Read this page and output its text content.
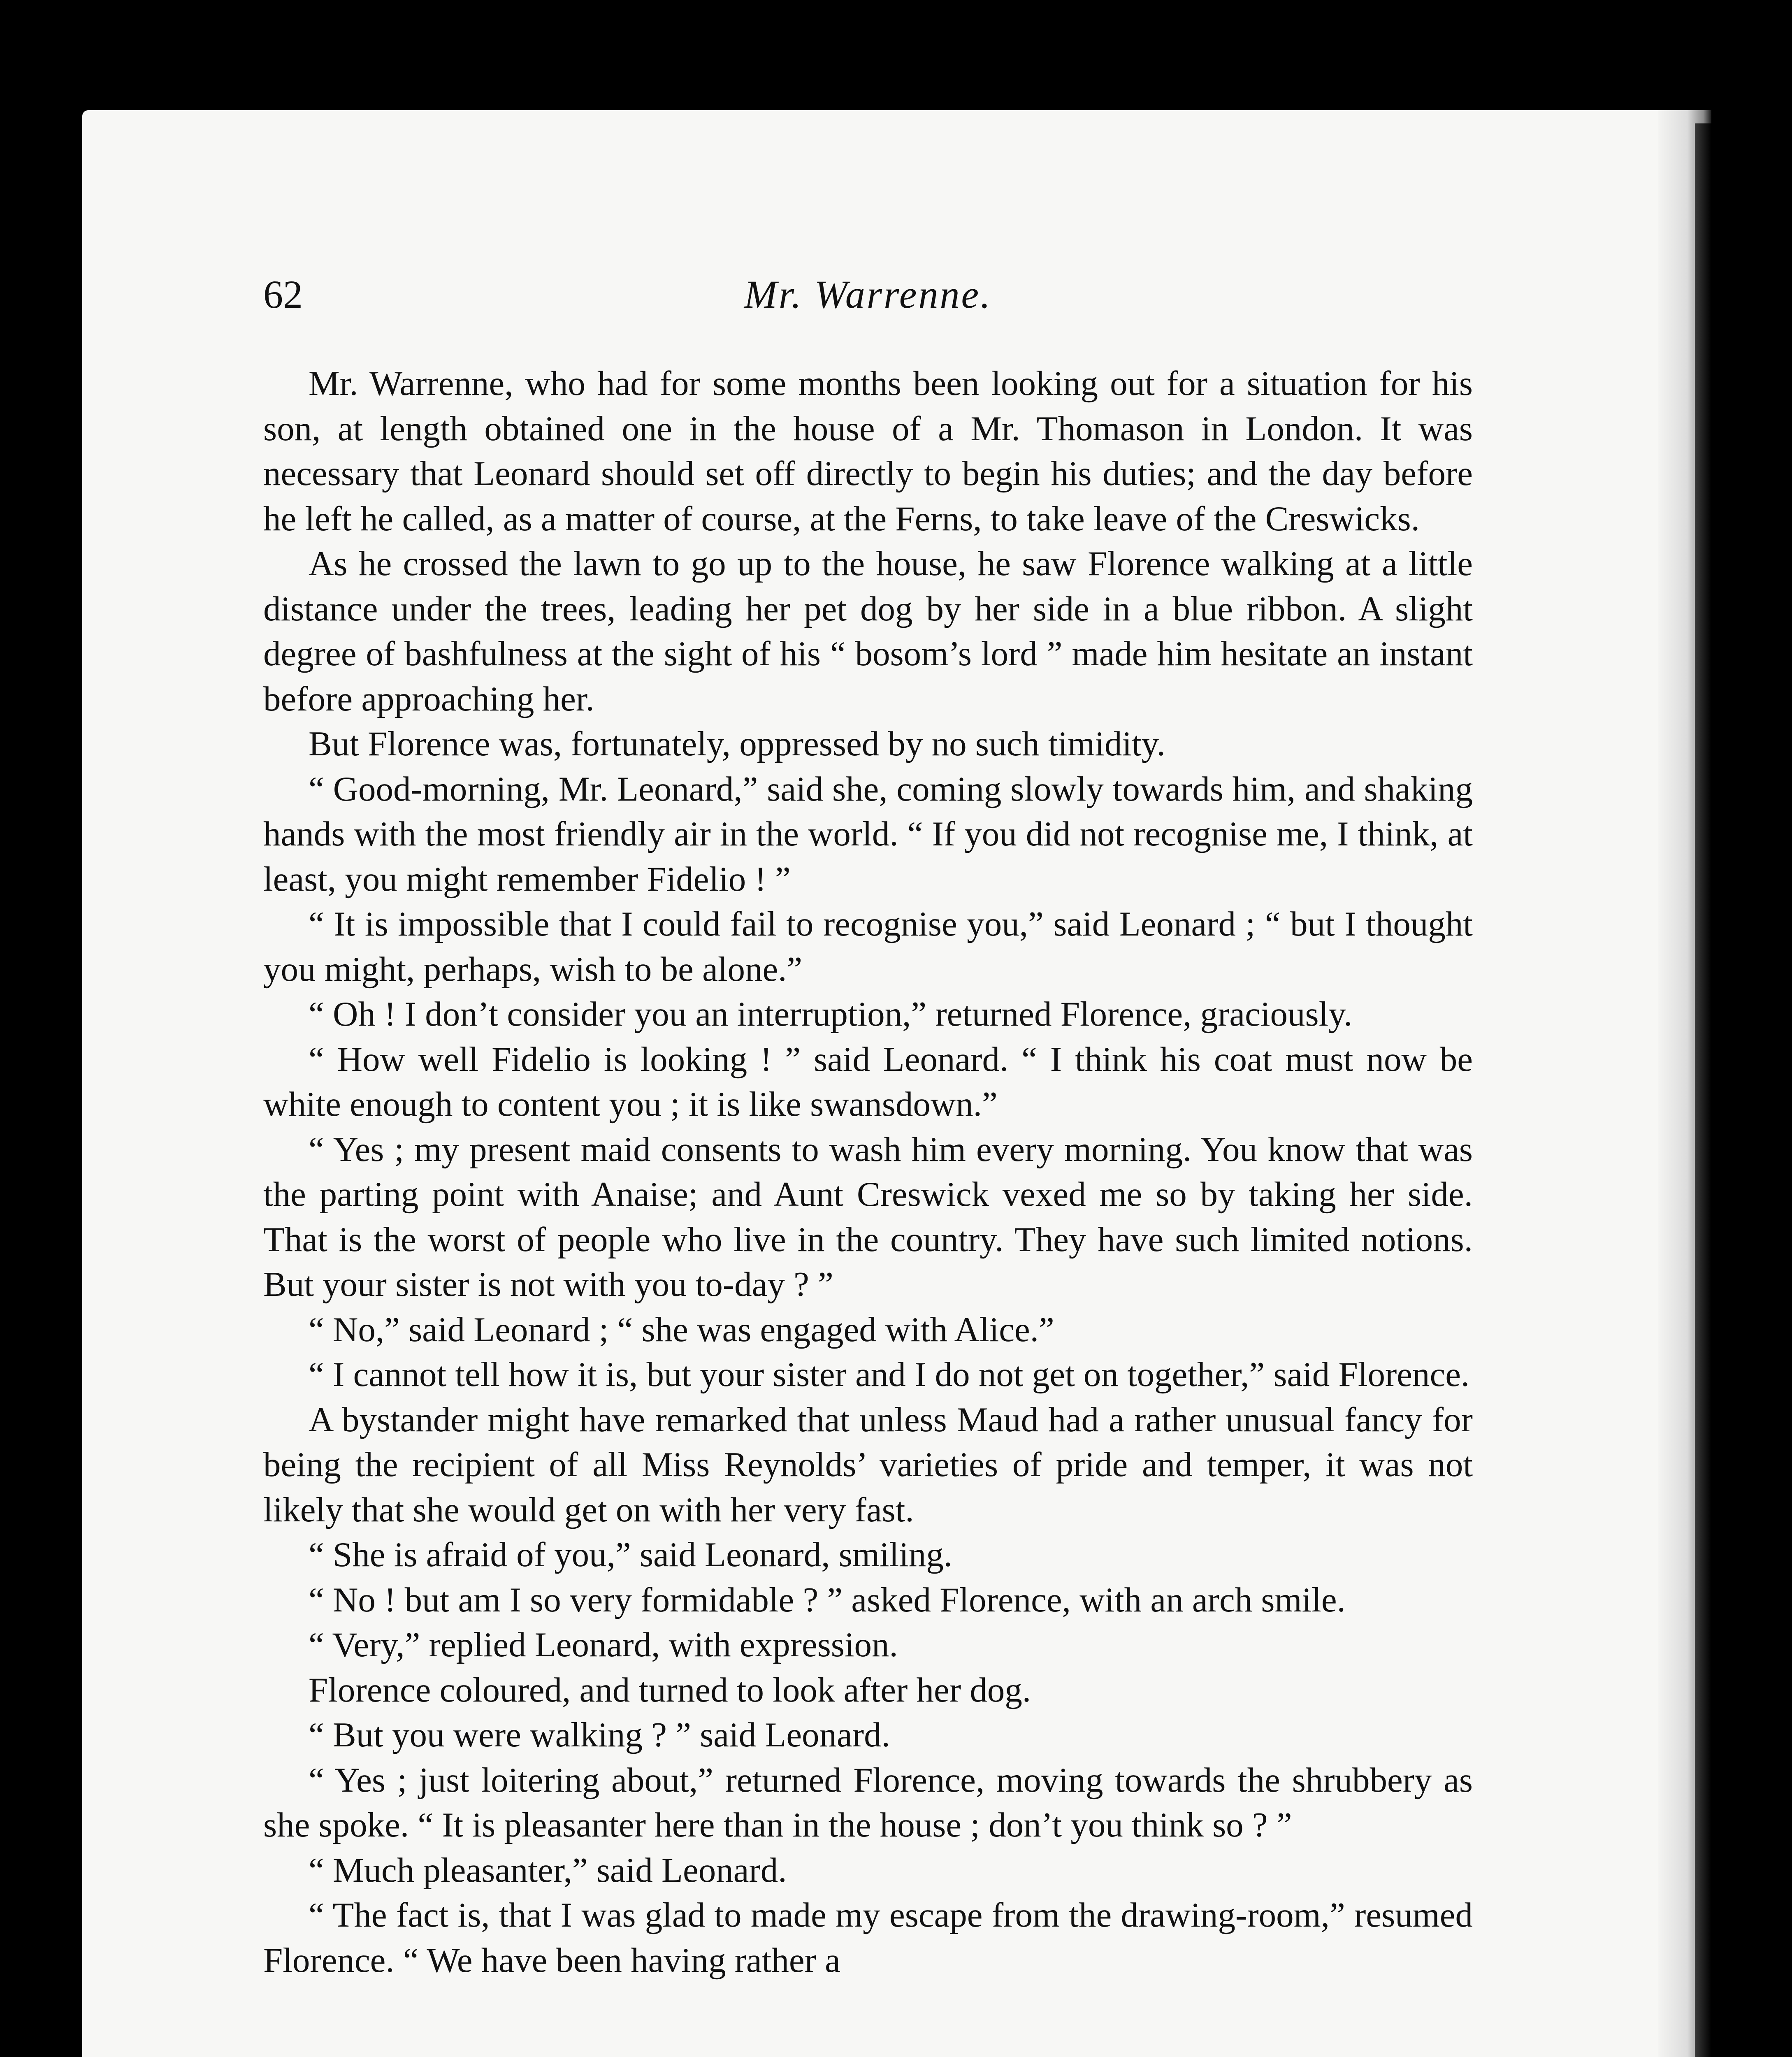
62	Mr. Warrenne.

Mr. Warrenne, who had for some months been looking out for a situation for his son, at length obtained one in the house of a Mr. Thomason in London. It was necessary that Leonard should set off directly to begin his duties; and the day before he left he called, as a matter of course, at the Ferns, to take leave of the Creswicks.

As he crossed the lawn to go up to the house, he saw Florence walking at a little distance under the trees, leading her pet dog by her side in a blue ribbon. A slight degree of bashfulness at the sight of his “ bosom’s lord ” made him hesitate an instant before approaching her.

But Florence was, fortunately, oppressed by no such timidity.

“ Good-morning, Mr. Leonard,” said she, coming slowly towards him, and shaking hands with the most friendly air in the world. “ If you did not recognise me, I think, at least, you might remember Fidelio ! ”

“ It is impossible that I could fail to recognise you,” said Leonard ; “ but I thought you might, perhaps, wish to be alone.”

“ Oh ! I don’t consider you an interruption,” returned Florence, graciously.

“ How well Fidelio is looking ! ” said Leonard. “ I think his coat must now be white enough to content you ; it is like swansdown.”

“ Yes ; my present maid consents to wash him every morning. You know that was the parting point with Anaise; and Aunt Creswick vexed me so by taking her side. That is the worst of people who live in the country. They have such limited notions. But your sister is not with you to-day ? ”

“ No,” said Leonard ; “ she was engaged with Alice.”

“ I cannot tell how it is, but your sister and I do not get on together,” said Florence.

A bystander might have remarked that unless Maud had a rather unusual fancy for being the recipient of all Miss Reynolds’ varieties of pride and temper, it was not likely that she would get on with her very fast.

“ She is afraid of you,” said Leonard, smiling.

“ No ! but am I so very formidable ? ” asked Florence, with an arch smile.

“ Very,” replied Leonard, with expression.

Florence coloured, and turned to look after her dog.

“ But you were walking ? ” said Leonard.

“ Yes ; just loitering about,” returned Florence, moving towards the shrubbery as she spoke. “ It is pleasanter here than in the house ; don’t you think so ? ”

“ Much pleasanter,” said Leonard.

“ The fact is, that I was glad to made my escape from the drawing-room,” resumed Florence. “ We have been having rather a
